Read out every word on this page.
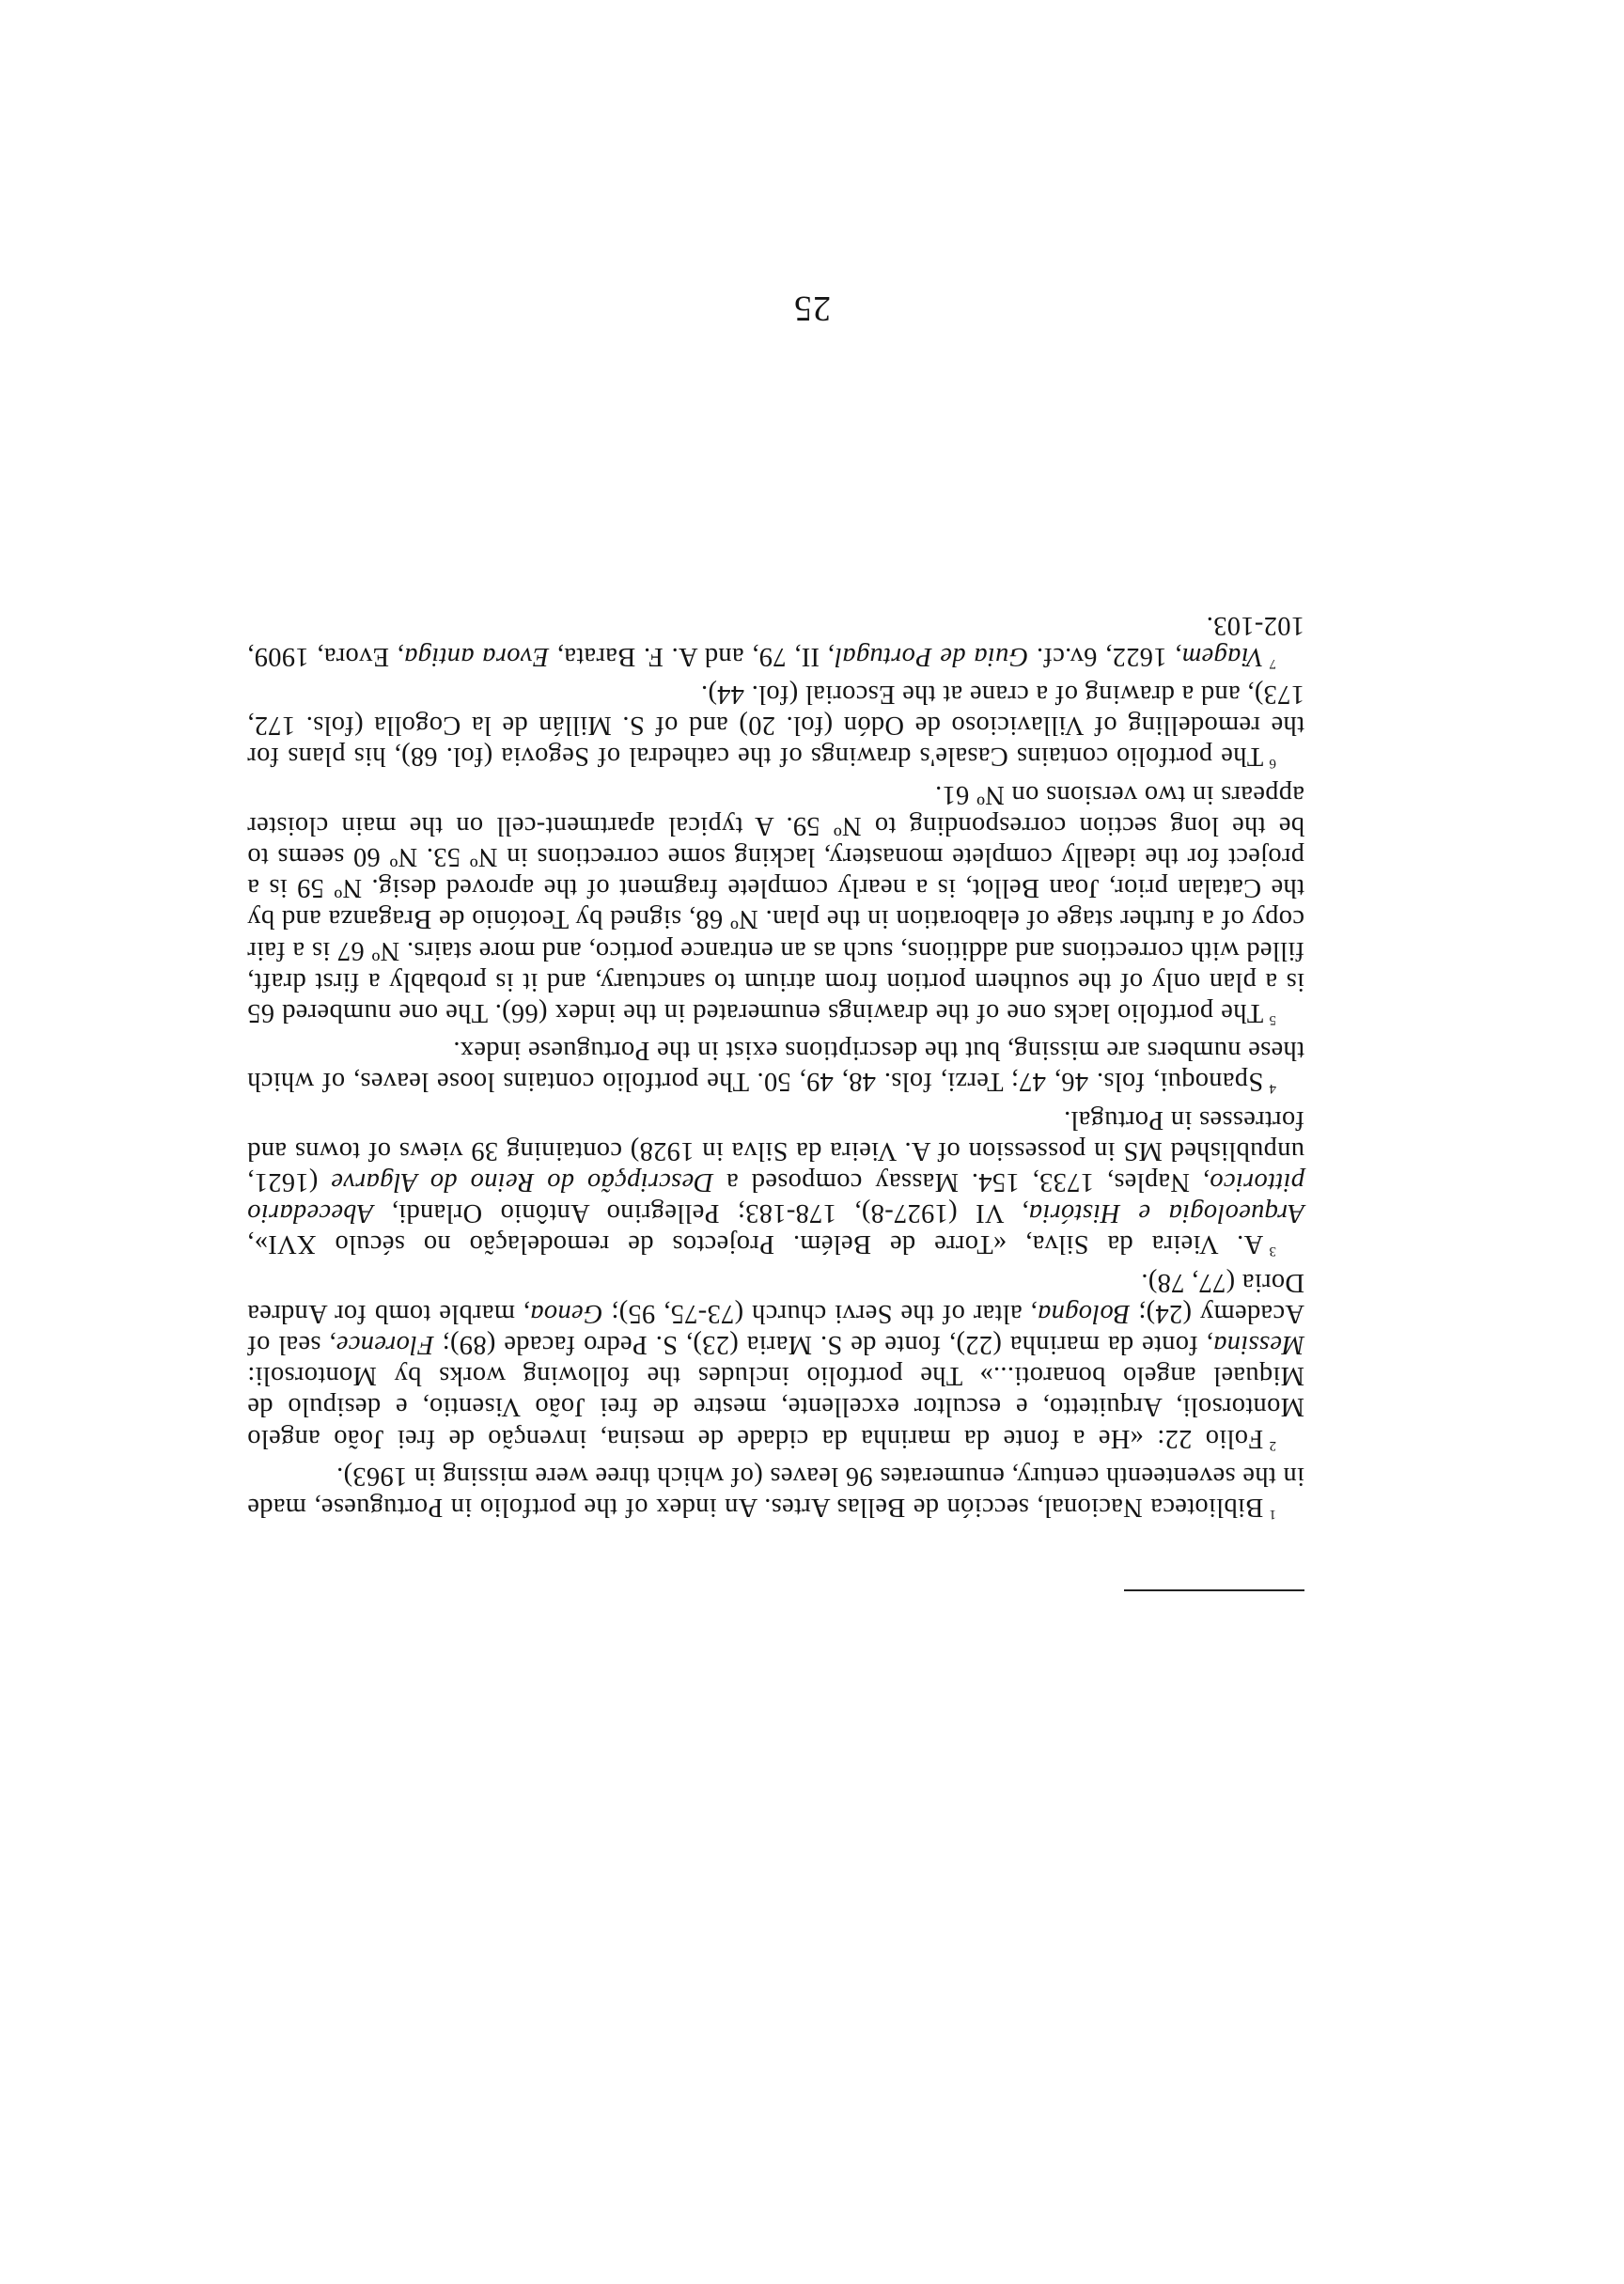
$^1$Biblioteca Nacional, sección de Bellas Artes. An index of the portfolio in Portuguese, made in the seventeenth century, enumerates 96 leaves (of which three were missing in 1963).

$^2$Folio 22: «He a fonte da marinha da cidade de mesina, invenção de frei João angelo Montorsoli, Arquitetto, e escultor excellente, mestre de frei João Visentio, e desipulo de Miquael angelo bonaroti...» The portfolio includes the following works by Montorsoli: Messina, fonte da marinha (22), fonte de S. Maria (23), S. Pedro facade (89); Florence, seal of Academy (24); Bologna, altar of the Servi church (73-75, 95); Genoa, marble tomb for Andrea Doria (77, 78).

$^3$A. Vieira da Silva, «Torre de Belém. Projectos de remodelação no século XVI», Arqueologia e História, VI (1927-8), 178-183; Pellegrino Antônio Orlandi, Abecedario pittorico, Naples, 1733, 154. Massay composed a Descripção do Reino do Algarve (1621, unpublished MS in possession of A. Vieira da Silva in 1928) containing 39 views of towns and fortresses in Portugal.

$^4$Spanoqui, fols. 46, 47; Terzi, fols. 48, 49, 50. The portfolio contains loose leaves, of which these numbers are missing, but the descriptions exist in the Portuguese index.

$^5$The portfolio lacks one of the drawings enumerated in the index (66). The one numbered 65 is a plan only of the southern portion from atrium to sanctuary, and it is probably a first draft, filled with corrections and additions, such as an entrance portico, and more stairs. Nº 67 is a fair copy of a further stage of elaboration in the plan. Nº 68, signed by Teotónio de Braganza and by the Catalan prior, Joan Bellot, is a nearly complete fragment of the aproved desig. Nº 59 is a project for the ideally complete monastery, lacking some corrections in Nº 53. Nº 60 seems to be the long section corresponding to Nº 59. A typical apartment-cell on the main cloister appears in two versions on Nº 61.

$^6$The portfolio contains Casale's drawings of the cathedral of Segovia (fol. 68), his plans for the remodelling of Villaviciosо de Odón (fol. 20) and of S. Millán de la Cogolla (fols. 172, 173), and a drawing of a crane at the Escorial (fol. 44).

$^7$Viagem, 1622, 6v.cf. Guia de Portugal, II, 79, and A. F. Barata, Evora antiga, Evora, 1909, 102-103.

25
